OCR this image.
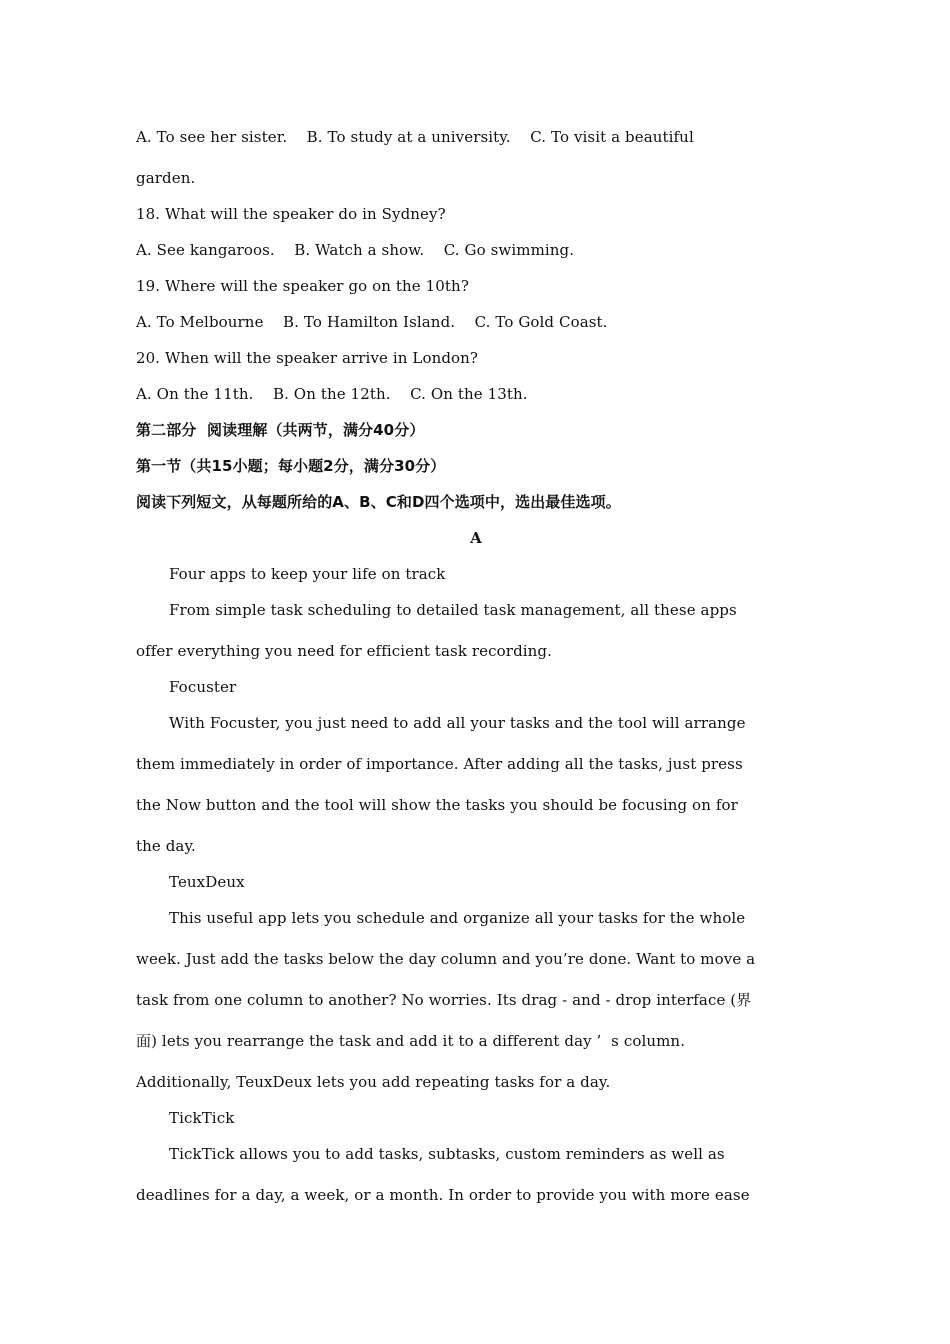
A. To see her sister.    B. To study at a university.    C. To visit a beautiful

garden.

18. What will the speaker do in Sydney?

A. See kangaroos.    B. Watch a show.    C. Go swimming.

19. Where will the speaker go on the 10th?

A. To Melbourne    B. To Hamilton Island.    C. To Gold Coast.

20. When will the speaker arrive in London?

A. On the 11th.    B. On the 12th.    C. On the 13th.

第二部分  阅读理解（共两节，满分40分）

第一节（共15小题；每小题2分，满分30分）

阅读下列短文，从每题所给的A、B、C和D四个选项中，选出最佳选项。

A

Four apps to keep your life on track

From simple task scheduling to detailed task management, all these apps

offer everything you need for efficient task recording.

Focuster

With Focuster, you just need to add all your tasks and the tool will arrange

them immediately in order of importance. After adding all the tasks, just press

the Now button and the tool will show the tasks you should be focusing on for

the day.

TeuxDeux

This useful app lets you schedule and organize all your tasks for the whole

week. Just add the tasks below the day column and you’re done. Want to move a

task from one column to another? No worries. Its drag - and - drop interface (界

面) lets you rearrange the task and add it to a different day ’  s column.

Additionally, TeuxDeux lets you add repeating tasks for a day.

TickTick

TickTick allows you to add tasks, subtasks, custom reminders as well as

deadlines for a day, a week, or a month. In order to provide you with more ease
